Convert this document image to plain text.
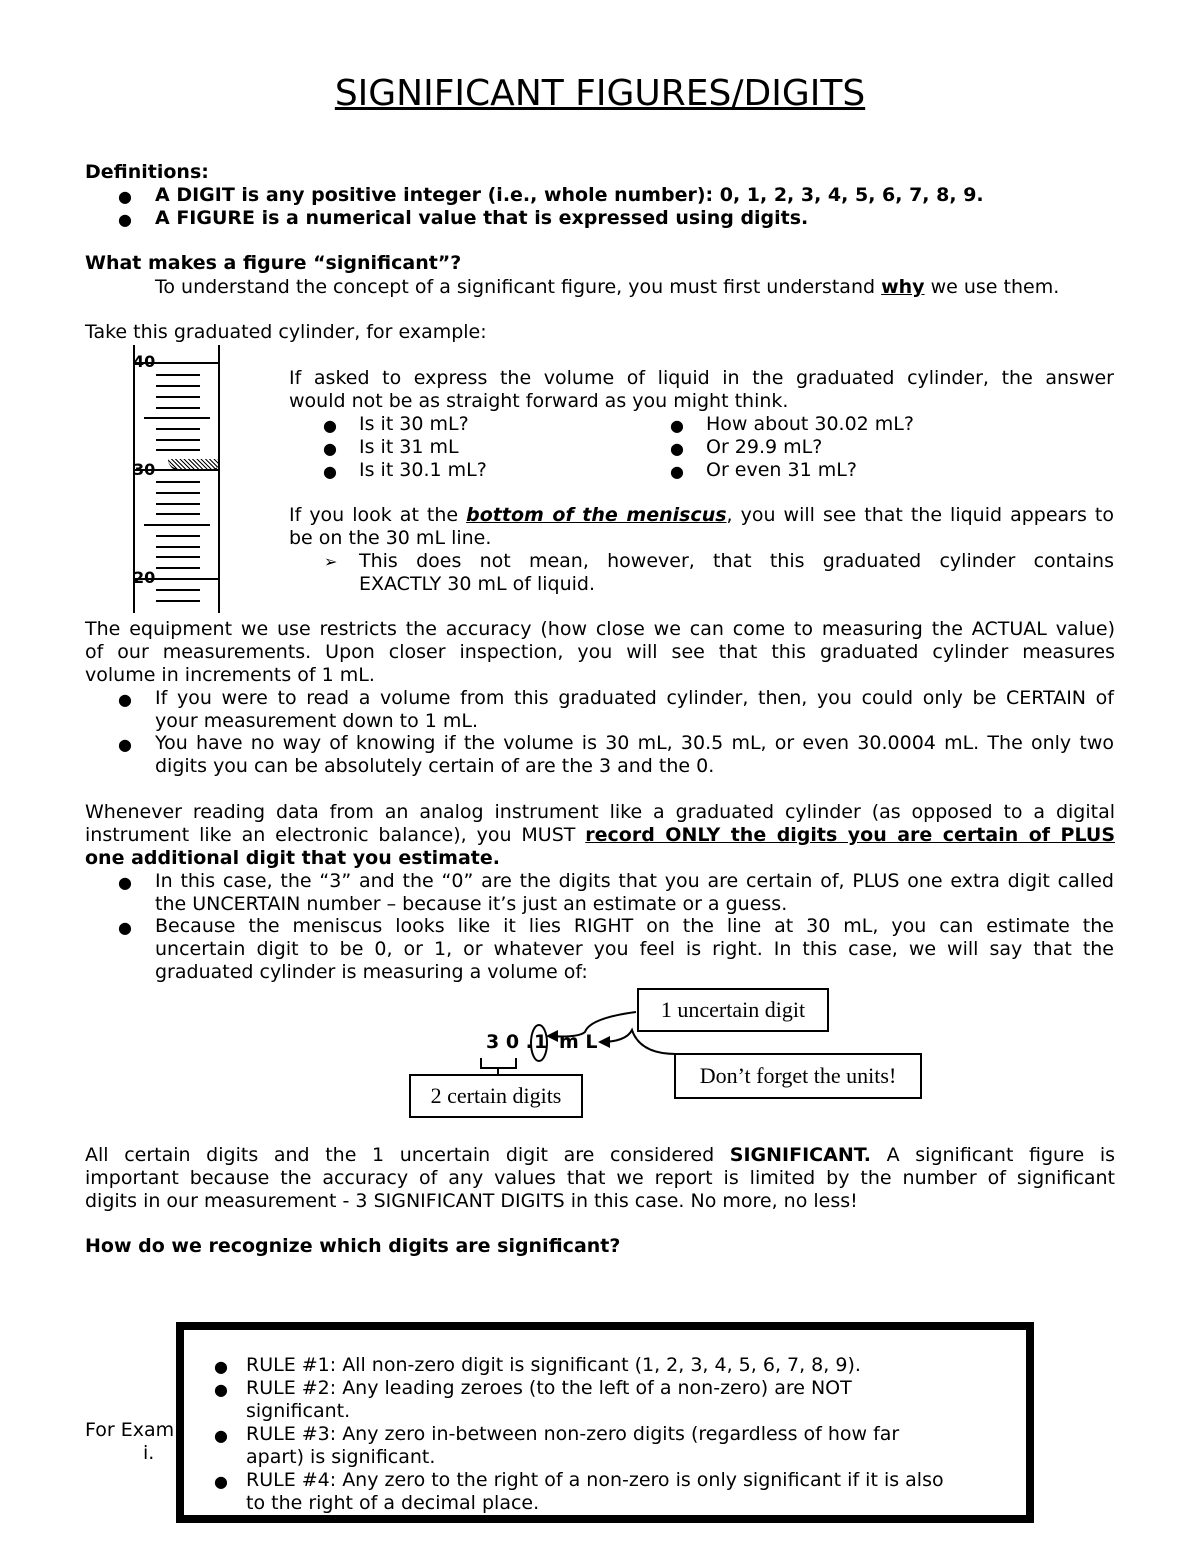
SIGNIFICANT FIGURES/DIGITS
Definitions:
● A DIGIT is any positive integer (i.e., whole number): 0, 1, 2, 3, 4, 5, 6, 7, 8, 9.
● A FIGURE is a numerical value that is expressed using digits.
What makes a figure “significant”?
To understand the concept of a significant figure, you must first understand why we use them.
Take this graduated cylinder, for example:
40
30
20
If asked to express the volume of liquid in the graduated cylinder, the answer
would not be as straight forward as you might think.
● Is it 30 mL?
● Is it 31 mL
● Is it 30.1 mL?
● How about 30.02 mL?
● Or 29.9 mL?
● Or even 31 mL?
If you look at the bottom of the meniscus, you will see that the liquid appears to
be on the 30 mL line.
➢ This does not mean, however, that this graduated cylinder contains
EXACTLY 30 mL of liquid.
The equipment we use restricts the accuracy (how close we can come to measuring the ACTUAL value)
of our measurements. Upon closer inspection, you will see that this graduated cylinder measures
volume in increments of 1 mL.
● If you were to read a volume from this graduated cylinder, then, you could only be CERTAIN of
your measurement down to 1 mL.
● You have no way of knowing if the volume is 30 mL, 30.5 mL, or even 30.0004 mL. The only two
digits you can be absolutely certain of are the 3 and the 0.
Whenever reading data from an analog instrument like a graduated cylinder (as opposed to a digital
instrument like an electronic balance), you MUST record ONLY the digits you are certain of PLUS
one additional digit that you estimate.
● In this case, the “3” and the “0” are the digits that you are certain of, PLUS one extra digit called
the UNCERTAIN number – because it’s just an estimate or a guess.
● Because the meniscus looks like it lies RIGHT on the line at 30 mL, you can estimate the
uncertain digit to be 0, or 1, or whatever you feel is right. In this case, we will say that the
graduated cylinder is measuring a volume of:
3 0 . 1 m L
1 uncertain digit
Don’t forget the units!
2 certain digits
All certain digits and the 1 uncertain digit are considered SIGNIFICANT. A significant figure is
important because the accuracy of any values that we report is limited by the number of significant
digits in our measurement - 3 SIGNIFICANT DIGITS in this case. No more, no less!
How do we recognize which digits are significant?
For Exam
i.
● RULE #1: All non-zero digit is significant (1, 2, 3, 4, 5, 6, 7, 8, 9).
● RULE #2: Any leading zeroes (to the left of a non-zero) are NOT
significant.
● RULE #3: Any zero in-between non-zero digits (regardless of how far
apart) is significant.
● RULE #4: Any zero to the right of a non-zero is only significant if it is also
to the right of a decimal place.
